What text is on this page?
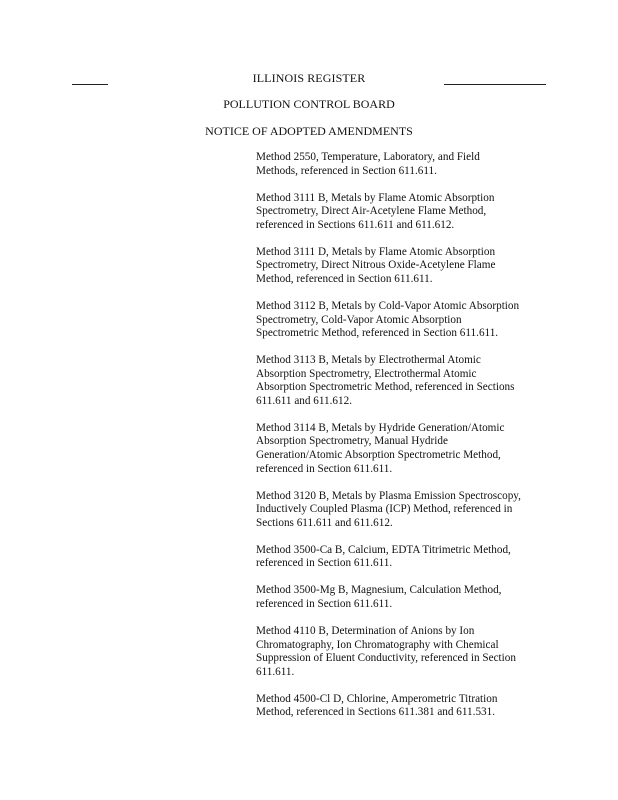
ILLINOIS REGISTER
POLLUTION CONTROL BOARD
NOTICE OF ADOPTED AMENDMENTS
Method 2550, Temperature, Laboratory, and Field
Methods, referenced in Section 611.611.
Method 3111 B, Metals by Flame Atomic Absorption
Spectrometry, Direct Air-Acetylene Flame Method,
referenced in Sections 611.611 and 611.612.
Method 3111 D, Metals by Flame Atomic Absorption
Spectrometry, Direct Nitrous Oxide-Acetylene Flame
Method, referenced in Section 611.611.
Method 3112 B, Metals by Cold-Vapor Atomic Absorption
Spectrometry, Cold-Vapor Atomic Absorption
Spectrometric Method, referenced in Section 611.611.
Method 3113 B, Metals by Electrothermal Atomic
Absorption Spectrometry, Electrothermal Atomic
Absorption Spectrometric Method, referenced in Sections
611.611 and 611.612.
Method 3114 B, Metals by Hydride Generation/Atomic
Absorption Spectrometry, Manual Hydride
Generation/Atomic Absorption Spectrometric Method,
referenced in Section 611.611.
Method 3120 B, Metals by Plasma Emission Spectroscopy,
Inductively Coupled Plasma (ICP) Method, referenced in
Sections 611.611 and 611.612.
Method 3500-Ca B, Calcium, EDTA Titrimetric Method,
referenced in Section 611.611.
Method 3500-Mg B, Magnesium, Calculation Method,
referenced in Section 611.611.
Method 4110 B, Determination of Anions by Ion
Chromatography, Ion Chromatography with Chemical
Suppression of Eluent Conductivity, referenced in Section
611.611.
Method 4500-Cl D, Chlorine, Amperometric Titration
Method, referenced in Sections 611.381 and 611.531.
